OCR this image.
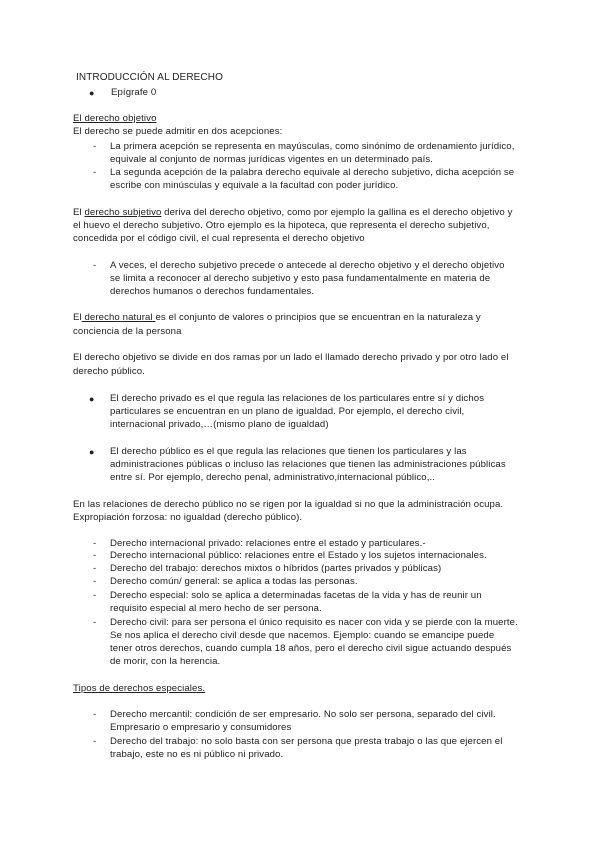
INTRODUCCIÓN AL DERECHO
● Epígrafe 0
El derecho objetivo
El derecho se puede admitir en dos acepciones:
- La primera acepción se representa en mayúsculas, como sinónimo de ordenamiento jurídico,
equivale al conjunto de normas jurídicas vigentes en un determinado país.
- La segunda acepción de la palabra derecho equivale al derecho subjetivo, dicha acepción se
escribe con minúsculas y equivale a la facultad con poder jurídico.
El derecho subjetivo deriva del derecho objetivo, como por ejemplo la gallina es el derecho objetivo y
el huevo el derecho subjetivo. Otro ejemplo es la hipoteca, que representa el derecho subjetivo,
concedida por el código civil, el cual representa el derecho objetivo
- A veces, el derecho subjetivo precede o antecede al derecho objetivo y el derecho objetivo
se limita a reconocer al derecho subjetivo y esto pasa fundamentalmente en materia de
derechos humanos o derechos fundamentales.
El derecho natural es el conjunto de valores o principios que se encuentran en la naturaleza y
conciencia de la persona
El derecho objetivo se divide en dos ramas por un lado el llamado derecho privado y por otro lado el
derecho público.
● El derecho privado es el que regula las relaciones de los particulares entre sí y dichos
particulares se encuentran en un plano de igualdad. Por ejemplo, el derecho civil,
internacional privado,…(mismo plano de igualdad)
● El derecho público es el que regula las relaciones que tienen los particulares y las
administraciones públicas o incluso las relaciones que tienen las administraciones públicas
entre sí. Por ejemplo, derecho penal, administrativo,internacional público,..
En las relaciones de derecho público no se rigen por la igualdad si no que la administración ocupa.
Expropiación forzosa: no igualdad (derecho público).
- Derecho internacional privado: relaciones entre el estado y particulares.-
- Derecho internacional público: relaciones entre el Estado y los sujetos internacionales.
- Derecho del trabajo: derechos mixtos o híbridos (partes privados y públicas)
- Derecho común/ general: se aplica a todas las personas.
- Derecho especial: solo se aplica a determinadas facetas de la vida y has de reunir un
requisito especial al mero hecho de ser persona.
- Derecho civil: para ser persona el único requisito es nacer con vida y se pierde con la muerte.
Se nos aplica el derecho civil desde que nacemos. Ejemplo: cuando se emancipe puede
tener otros derechos, cuando cumpla 18 años, pero el derecho civil sigue actuando después
de morir, con la herencia.
Tipos de derechos especiales.
- Derecho mercantil: condición de ser empresario. No solo ser persona, separado del civil.
Empresario o empresario y consumidores
- Derecho del trabajo: no solo basta con ser persona que presta trabajo o las que ejercen el
trabajo, este no es ni público ni privado.
